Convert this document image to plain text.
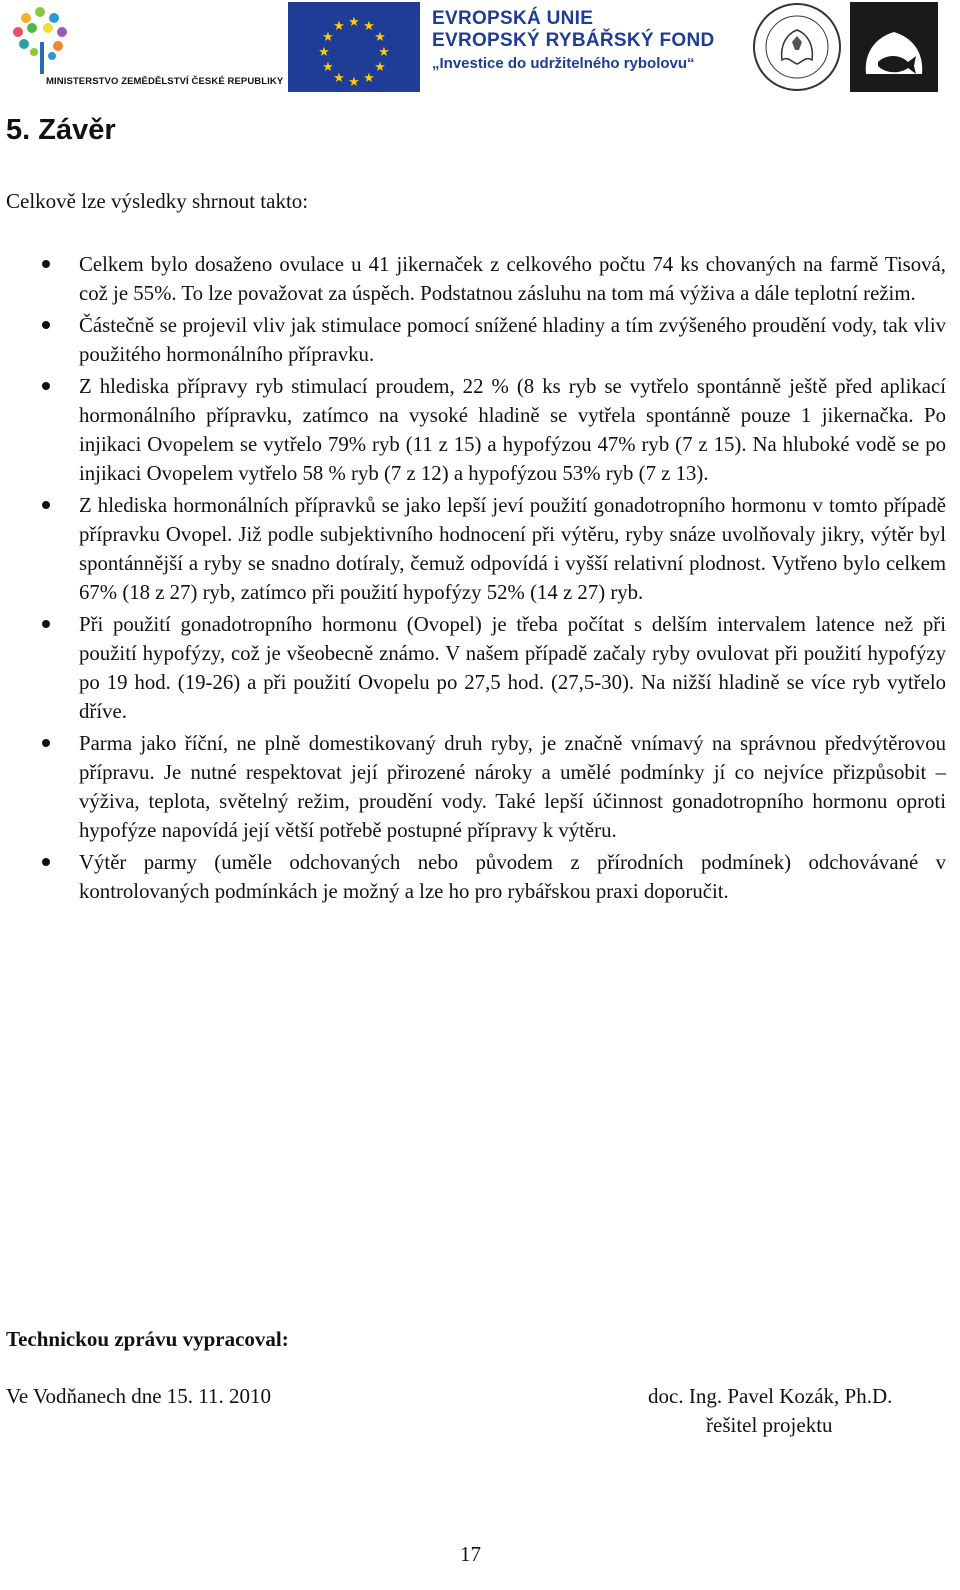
MINISTERSTVO ZEMĚDĚLSTVÍ ČESKÉ REPUBLIKY
★ ★
★
★
★
★
★
★
★
★
★
★	EVROPSKÁ UNIE
EVROPSKÝ RYBÁŘSKÝ FOND
„Investice do udržitelného rybolovu“
5. Závěr

Celkově lze výsledky shrnout takto:

Celkem bylo dosaženo ovulace u 41 jikernaček z celkového počtu 74 ks chovaných na farmě Tisová, což je 55%. To lze považovat za úspěch. Podstatnou zásluhu na tom má výživa a dále teplotní režim.
Částečně se projevil vliv jak stimulace pomocí snížené hladiny a tím zvýšeného proudění vody, tak vliv použitého hormonálního přípravku.
Z hlediska přípravy ryb stimulací proudem, 22 % (8 ks ryb se vytřelo spontánně ještě před aplikací hormonálního přípravku, zatímco na vysoké hladině se vytřela spontánně pouze 1 jikernačka. Po injikaci Ovopelem se vytřelo 79% ryb (11 z 15) a hypofýzou 47% ryb (7 z 15). Na hluboké vodě se po injikaci Ovopelem vytřelo 58 % ryb (7 z 12) a hypofýzou 53% ryb (7 z 13).
Z hlediska hormonálních přípravků se jako lepší jeví použití gonadotropního hormonu v tomto případě přípravku Ovopel. Již podle subjektivního hodnocení při výtěru, ryby snáze uvolňovaly jikry, výtěr byl spontánnější a ryby se snadno dotíraly, čemuž odpovídá i vyšší relativní plodnost. Vytřeno bylo celkem 67% (18 z 27) ryb, zatímco při použití hypofýzy 52% (14 z 27) ryb.
Při použití gonadotropního hormonu (Ovopel) je třeba počítat s delším intervalem latence než při použití hypofýzy, což je všeobecně známo. V našem případě začaly ryby ovulovat při použití hypofýzy po 19 hod. (19-26) a při použití Ovopelu po 27,5 hod. (27,5-30). Na nižší hladině se více ryb vytřelo dříve.
Parma jako říční, ne plně domestikovaný druh ryby, je značně vnímavý na správnou předvýtěrovou přípravu. Je nutné respektovat její přirozené nároky a umělé podmínky jí co nejvíce přizpůsobit – výživa, teplota, světelný režim, proudění vody. Také lepší účinnost gonadotropního hormonu oproti hypofýze napovídá její větší potřebě postupné přípravy k výtěru.
Výtěr parmy (uměle odchovaných nebo původem z přírodních podmínek) odchovávané v kontrolovaných podmínkách je možný a lze ho pro rybářskou praxi doporučit.

Technickou zprávu vypracoval:

Ve Vodňanech dne 15. 11. 2010	doc. Ing. Pavel Kozák, Ph.D.

řešitel projektu

17
